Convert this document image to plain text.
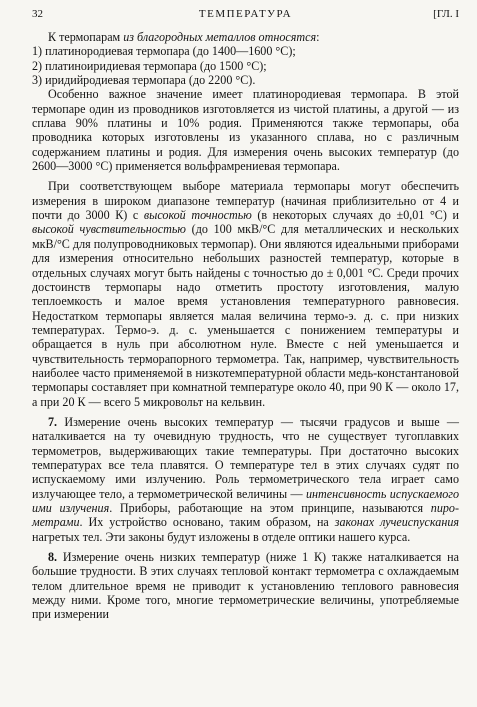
32	ТЕМПЕРАТУРА	[ГЛ. I

К термопарам из благородных металлов относятся:

1) платинородиевая термопара (до 1400—1600 °C);

2) платиноиридиевая термопара (до 1500 °C);

3) иридийродиевая термопара (до 2200 °C).

Особенно важное значение имеет платинородиевая термопара. В этой термопаре один из проводников изготовляется из чистой платины, а другой — из сплава 90% платины и 10% родия. Применяются также термопары, оба проводника которых изготовлены из указанного сплава, но с различным содержанием платины и родия. Для измерения очень высоких температур (до 2600—3000 °C) применяется вольфрамрениевая термопара.

При соответствующем выборе материала термопары могут обеспечить измерения в широком диапазоне температур (начиная приблизительно от 4 и почти до 3000 К) с высокой точностью (в некоторых случаях до ±0,01 °C) и высокой чувствительностью (до 100 мкВ/°C для металлических и нескольких мкВ/°C для полупроводниковых термопар). Они являются идеальными приборами для измерения относительно небольших разностей температур, которые в отдельных случаях могут быть найдены с точностью до ± 0,001 °C. Среди прочих достоинств термопары надо отметить простоту изготовления, малую теплоемкость и малое время установления температурного равновесия. Недостатком термопары является малая величина термо-э. д. с. при низких температурах. Термо-э. д. с. уменьшается с понижением температуры и обращается в нуль при абсолютном нуле. Вместе с ней уменьшается и чувствительность терморапорного термометра. Так, например, чувствительность наиболее часто применяемой в низкотемпературной области медь-константановой термопары составляет при комнатной температуре около 40, при 90 К — около 17, а при 20 К — всего 5 микровольт на кельвин.

7. Измерение очень высоких температур — тысячи градусов и выше — наталкивается на ту очевидную трудность, что не существует тугоплавких термометров, выдерживающих такие температуры. При достаточно высоких температурах все тела плавятся. О температуре тел в этих случаях судят по испускаемому ими излучению. Роль термометрического тела играет само излучающее тело, а термометрической величины — интенсивность испускаемого ими излучения. Приборы, работающие на этом принципе, называются пирометрами. Их устройство основано, таким образом, на законах лучеиспускания нагретых тел. Эти законы будут изложены в отделе оптики нашего курса.

8. Измерение очень низких температур (ниже 1 К) также наталкивается на большие трудности. В этих случаях тепловой контакт термометра с охлаждаемым телом длительное время не приводит к установлению теплового равновесия между ними. Кроме того, многие термометрические величины, употребляемые при измерении
